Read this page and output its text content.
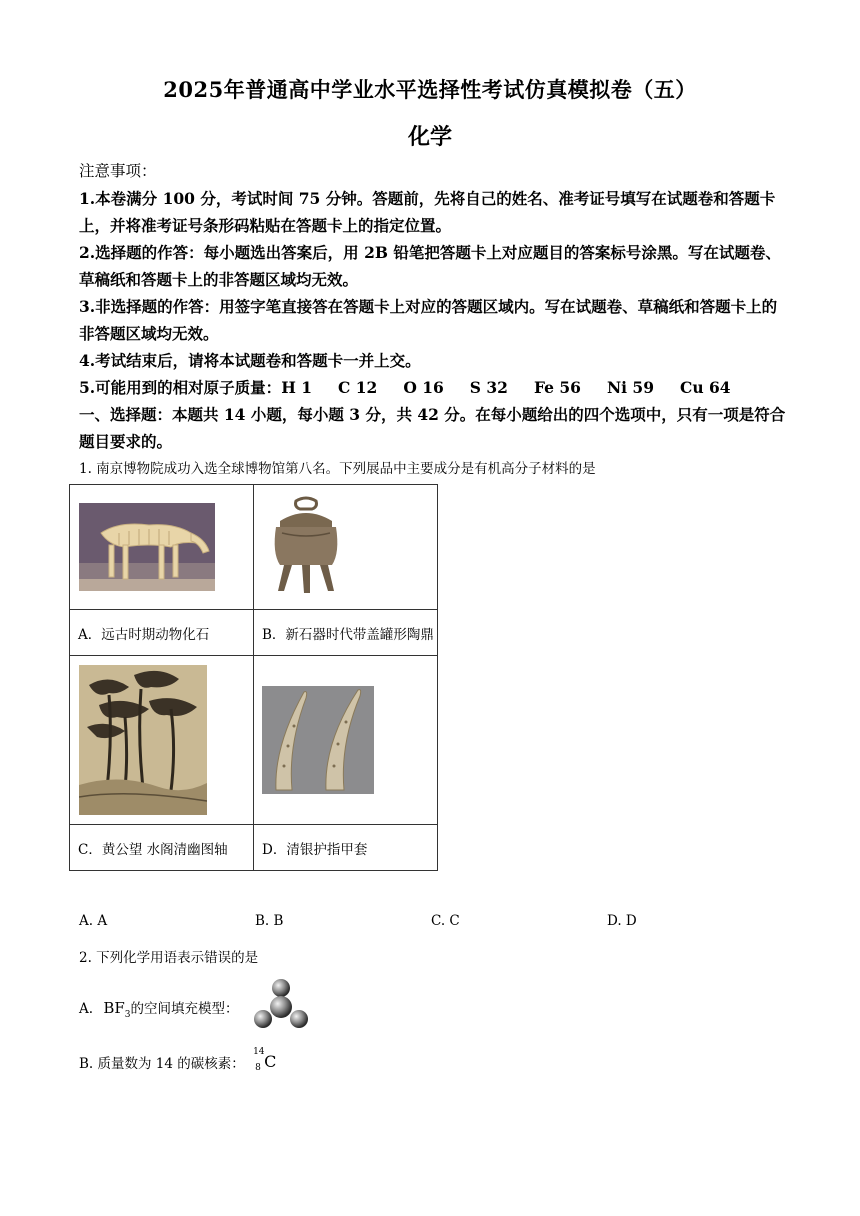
2025年普通高中学业水平选择性考试仿真模拟卷（五）
化学

注意事项：

1.本卷满分 100 分，考试时间 75 分钟。答题前，先将自己的姓名、准考证号填写在试题卷和答题卡上，并将准考证号条形码粘贴在答题卡上的指定位置。

2.选择题的作答：每小题选出答案后，用 2B 铅笔把答题卡上对应题目的答案标号涂黑。写在试题卷、草稿纸和答题卡上的非答题区域均无效。

3.非选择题的作答：用签字笔直接答在答题卡上对应的答题区域内。写在试题卷、草稿纸和答题卡上的非答题区域均无效。

4.考试结束后，请将本试题卷和答题卡一并上交。

5.可能用到的相对原子质量：H 1 C 12 O 16 S 32 Fe 56 Ni 59 Cu 64

一、选择题：本题共 14 小题，每小题 3 分，共 42 分。在每小题给出的四个选项中，只有一项是符合题目要求的。

1. 南京博物院成功入选全球博物馆第八名。下列展品中主要成分是有机高分子材料的是

A．远古时期动物化石	B．新石器时代带盖罐形陶鼎

C．黄公望 水阁清幽图轴	D．清银护指甲套
A. A	B. B	C. C	D. D
2. 下列化学用语表示错误的是
A. $BF_3$的空间填充模型：
B. 质量数为 14 的碳核素：
14
8 C
